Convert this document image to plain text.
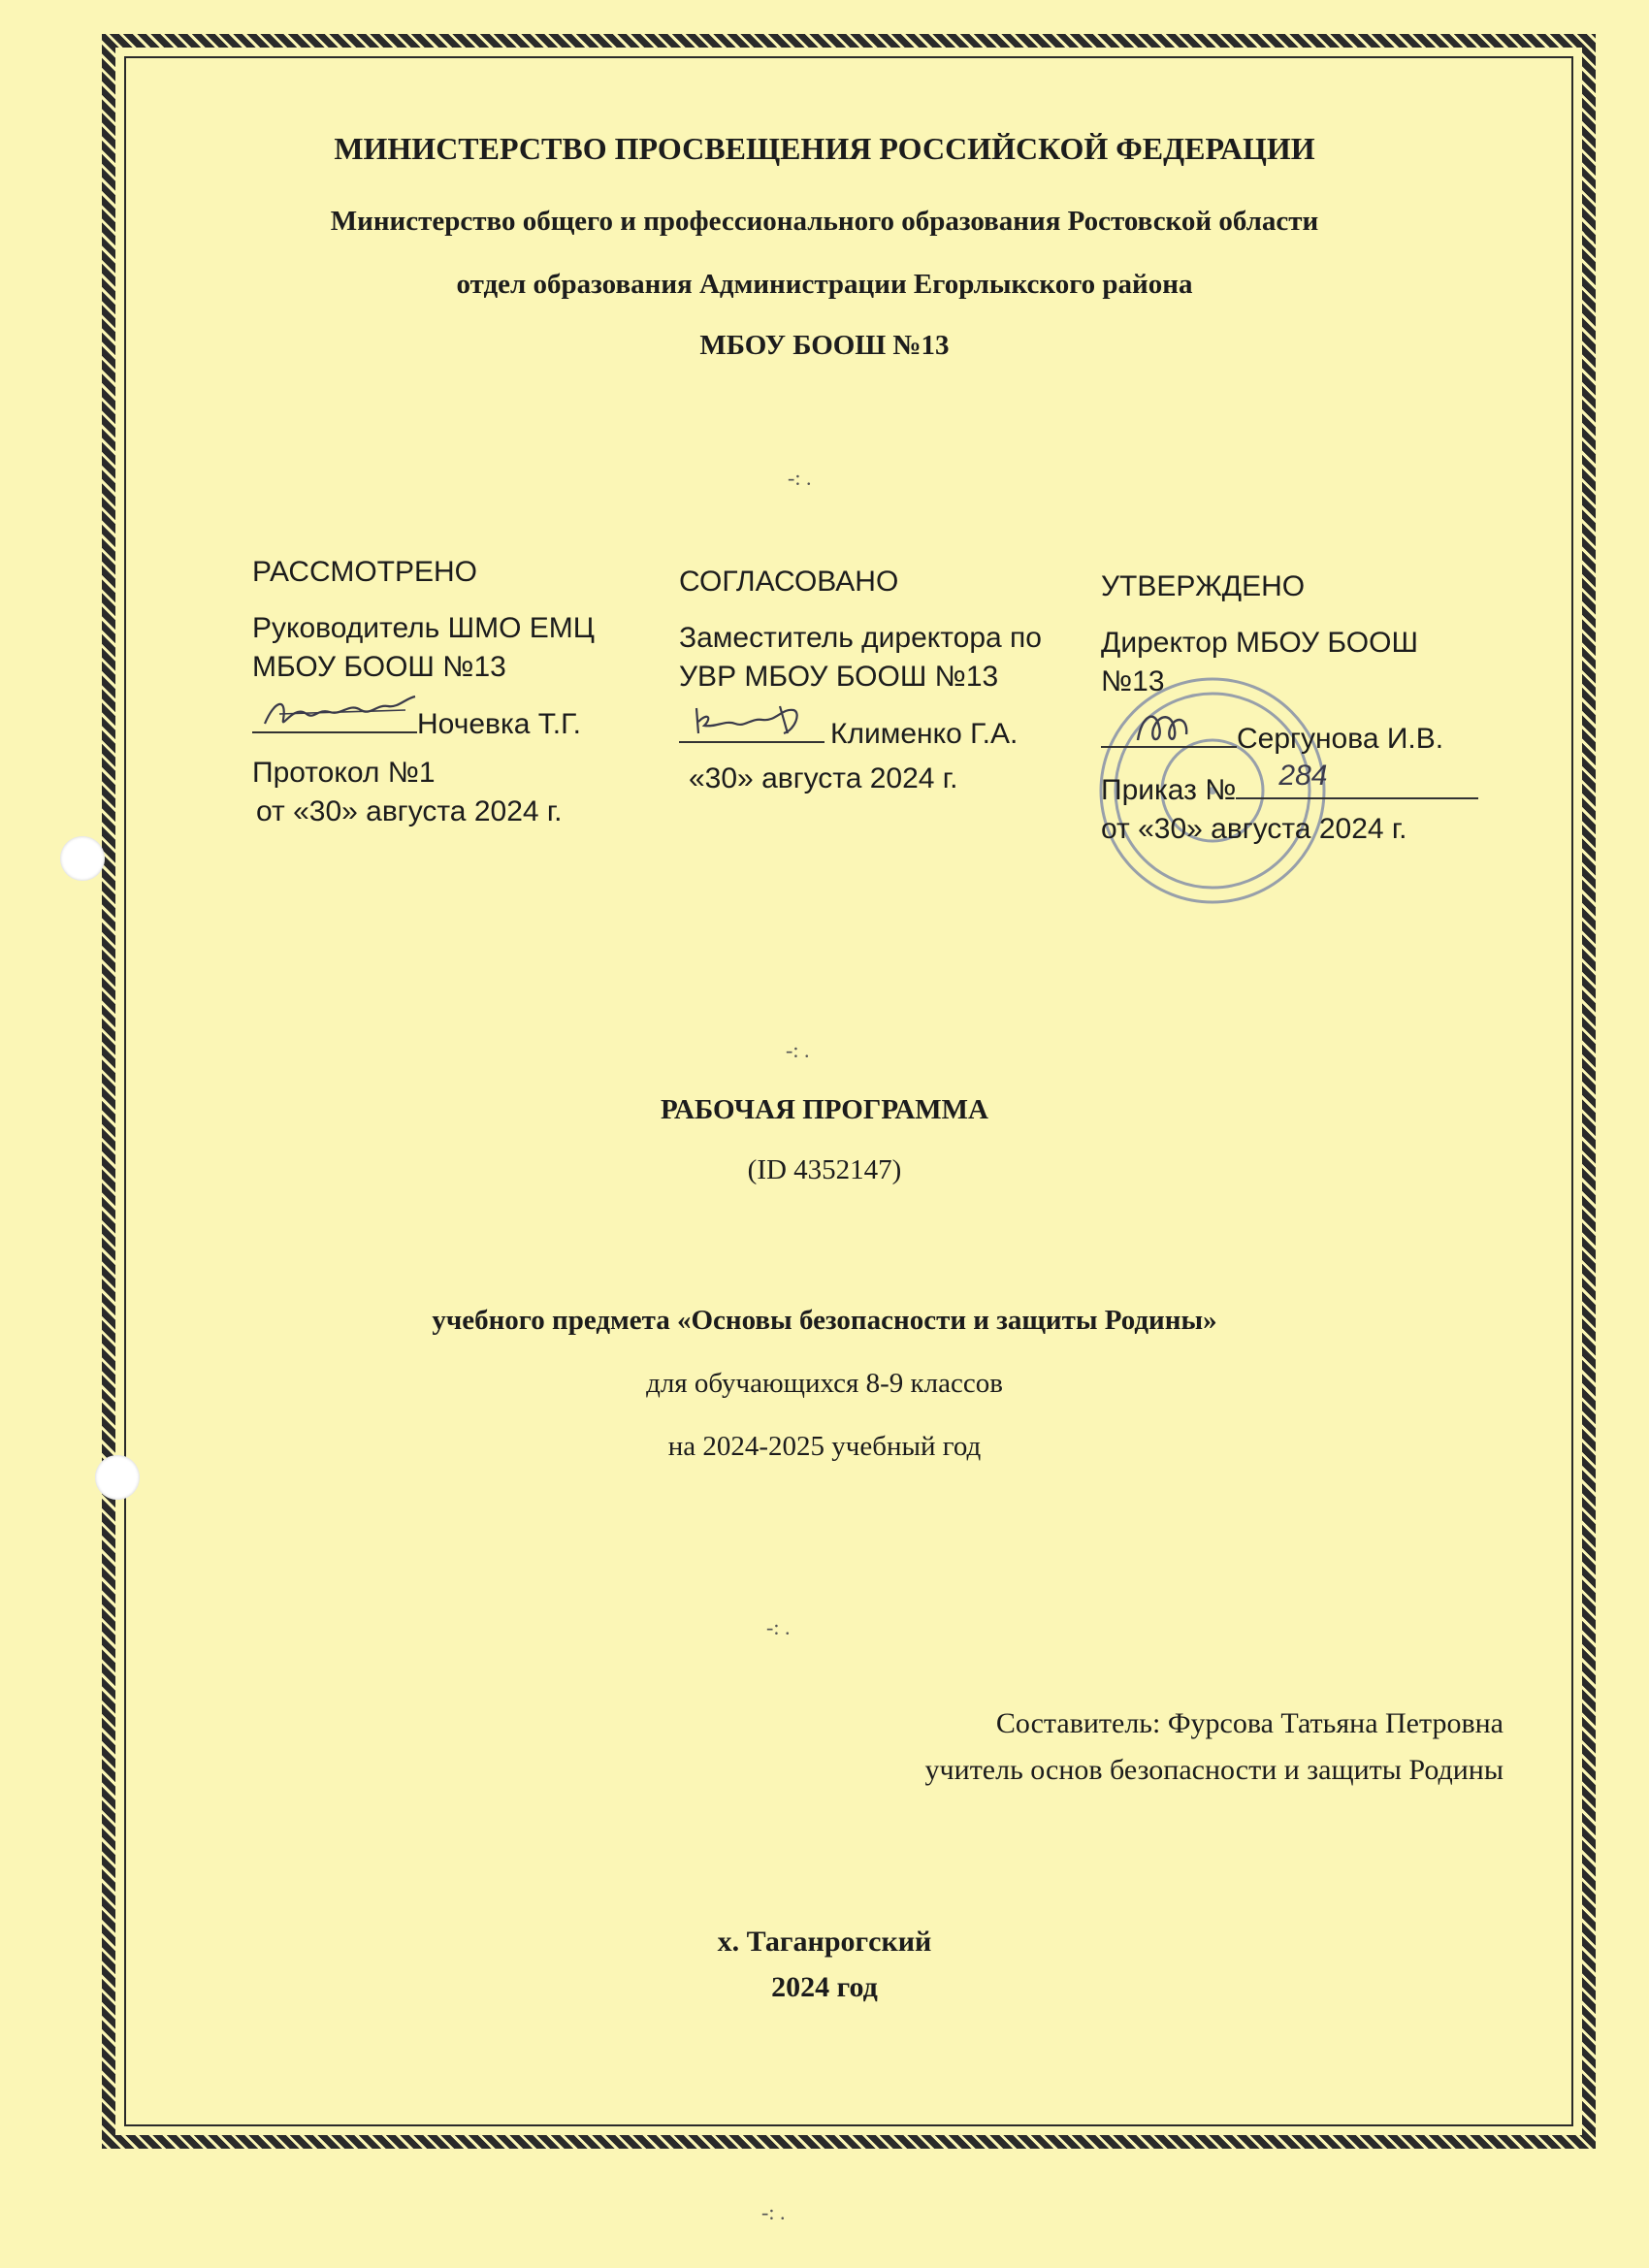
-: .
-: .
-: .
-: .
МИНИСТЕРСТВО ПРОСВЕЩЕНИЯ РОССИЙСКОЙ ФЕДЕРАЦИИ
Министерство общего и профессионального образования Ростовской области
отдел образования Администрации Егорлыкского района
МБОУ БООШ №13
РАССМОТРЕНО
Руководитель ШМО ЕМЦ
МБОУ БООШ №13
Ночевка Т.Г.
Протокол №1
от «30» августа 2024 г.
СОГЛАСОВАНО
Заместитель директора по
УВР МБОУ БООШ №13
Клименко Г.А.
«30» августа 2024 г.
УТВЕРЖДЕНО
Директор МБОУ БООШ
№13
Сергунова И.В.
Приказ № 284
от «30» августа 2024 г.
РАБОЧАЯ ПРОГРАММА
(ID 4352147)
учебного предмета «Основы безопасности и защиты Родины»
для обучающихся 8-9 классов
на 2024-2025 учебный год
Составитель: Фурсова Татьяна Петровна
учитель основ безопасности и защиты Родины
х. Таганрогский
2024 год
